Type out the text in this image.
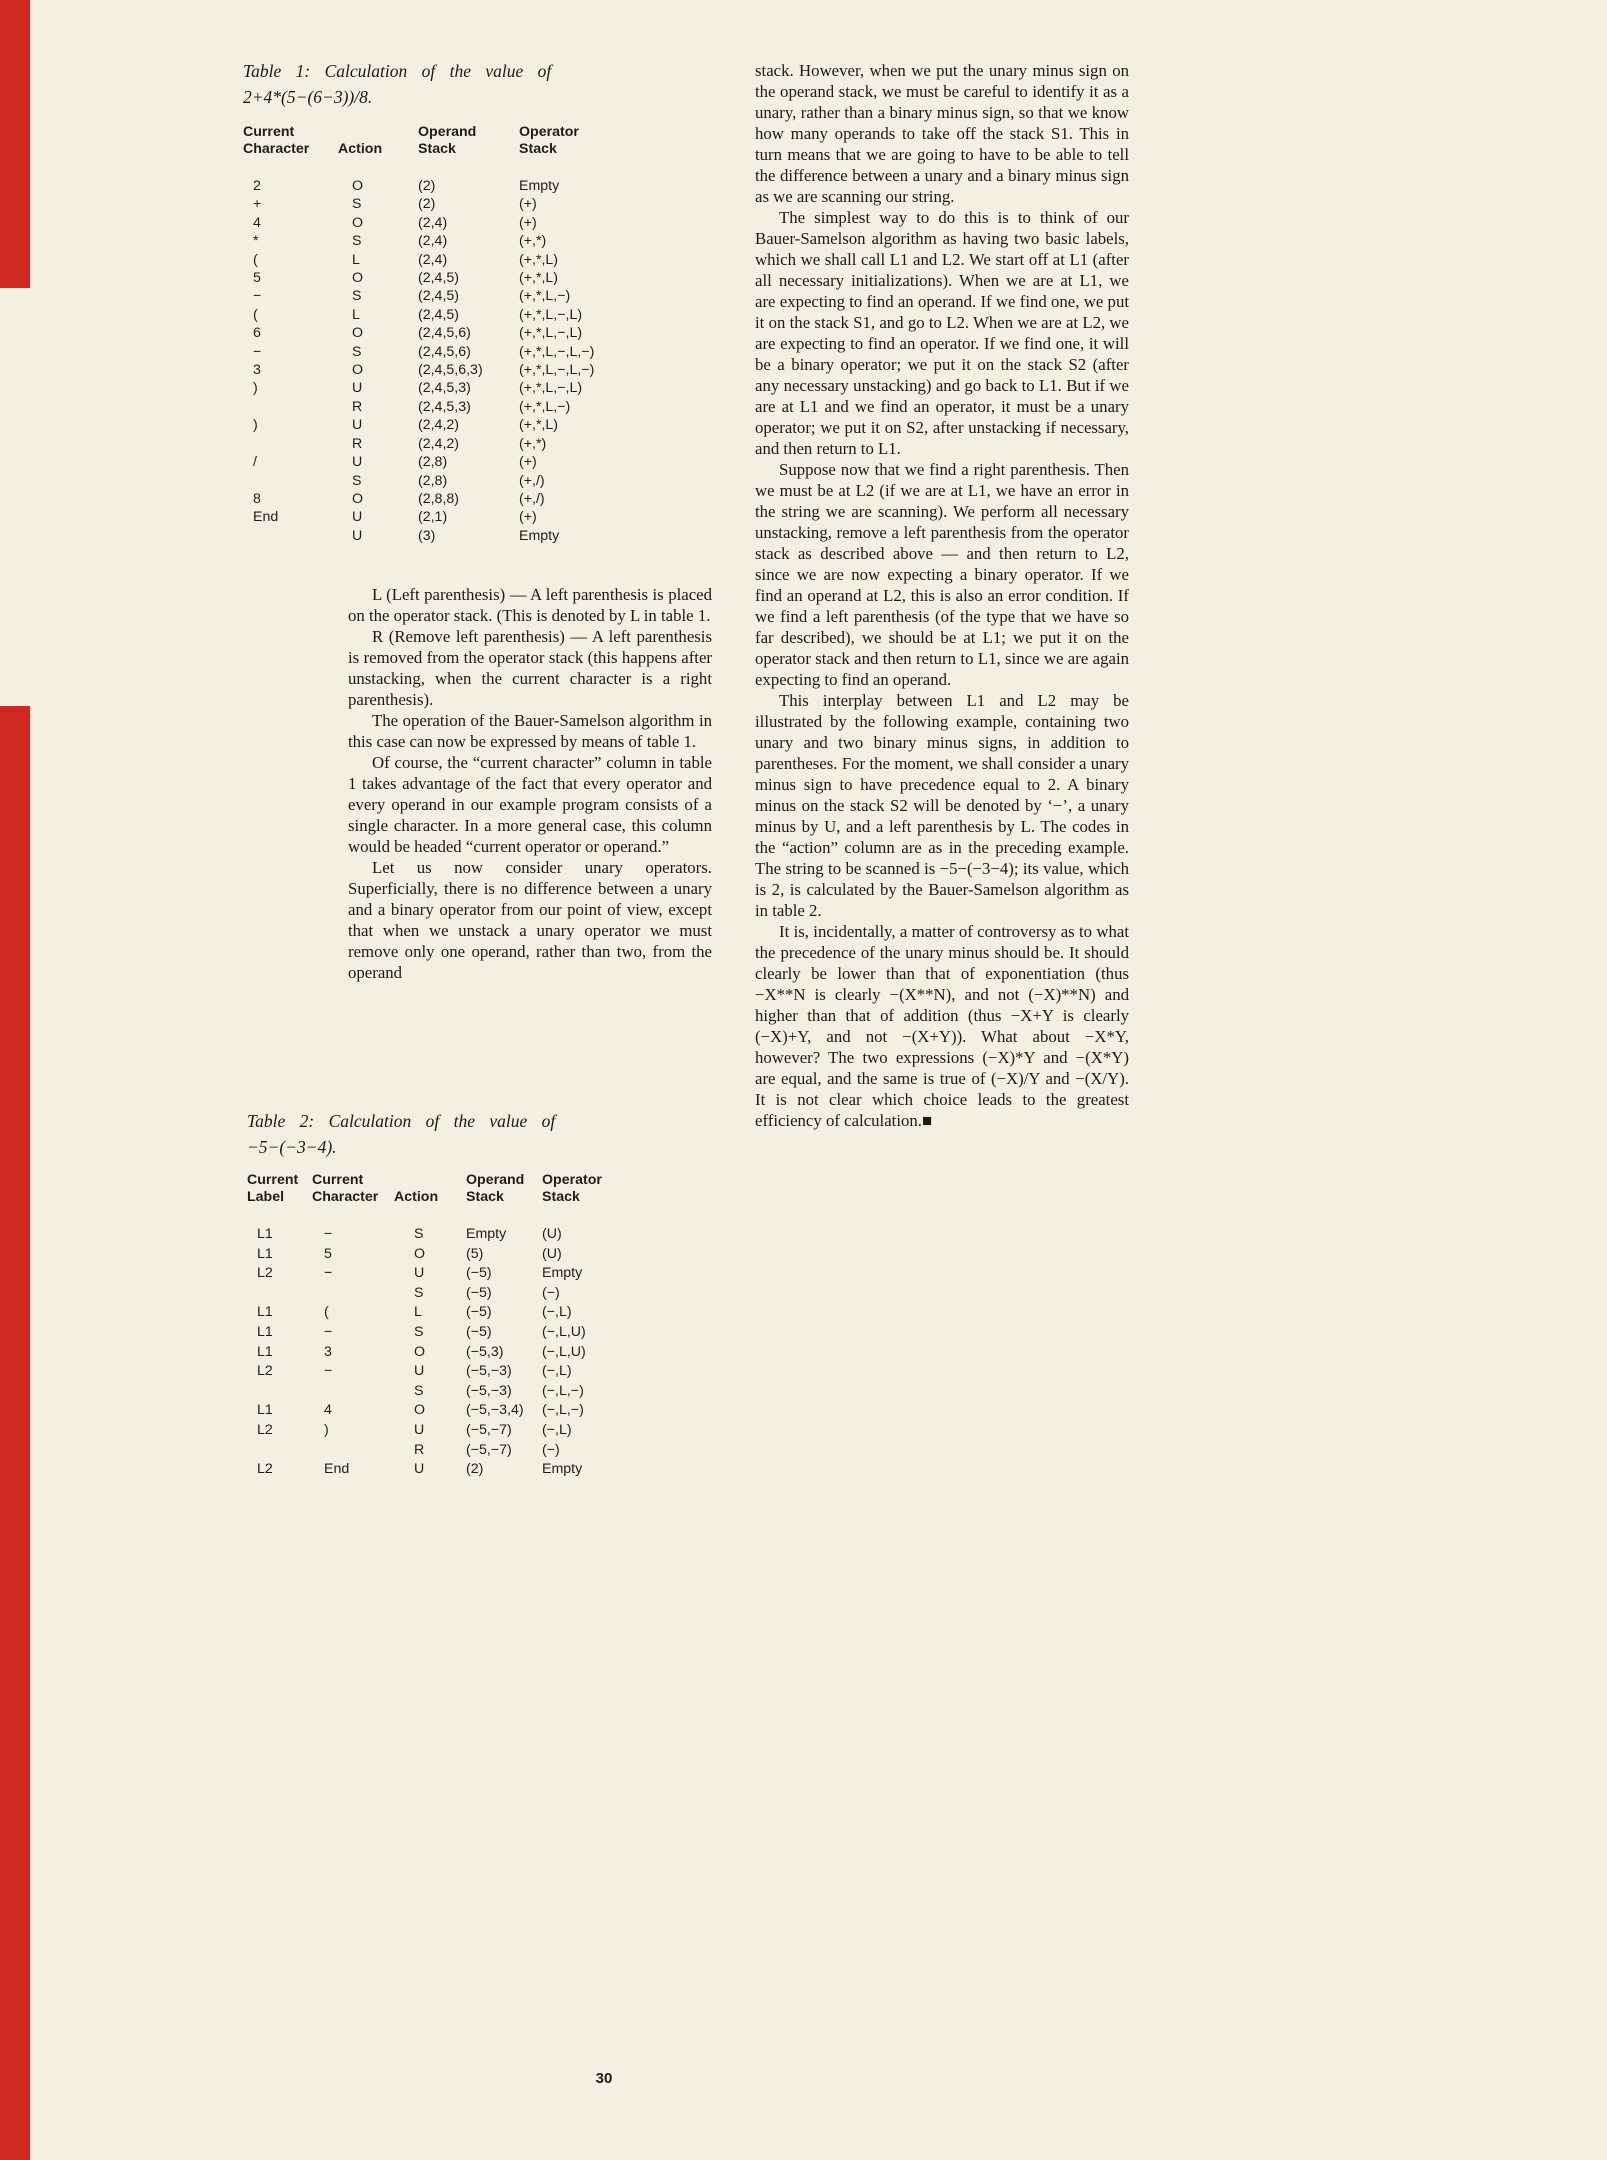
Table 1: Calculation of the value of
2+4*(5−(6−3))/8.
Current
Character	Action

Operand
Stack

Operator
Stack

2	O	(2)	Empty
+	S	(2)	(+)
4	O	(2,4)	(+)
*	S	(2,4)	(+,*)
(	L	(2,4)	(+,*,L)
5	O	(2,4,5)	(+,*,L)
−	S	(2,4,5)	(+,*,L,−)
(	L	(2,4,5)	(+,*,L,−,L)
6	O	(2,4,5,6)	(+,*,L,−,L)
−	S	(2,4,5,6)	(+,*,L,−,L,−)
3	O	(2,4,5,6,3)	(+,*,L,−,L,−)
)	U	(2,4,5,3)	(+,*,L,−,L)
	R	(2,4,5,3)	(+,*,L,−)
)	U	(2,4,2)	(+,*,L)
	R	(2,4,2)	(+,*)
/	U	(2,8)	(+)
	S	(2,8)	(+,/)
8	O	(2,8,8)	(+,/)
End	U	(2,1)	(+)
	U	(3)	Empty

L (Left parenthesis) — A left parenthesis is placed on the operator stack. (This is denoted by L in table 1.

R (Remove left parenthesis) — A left parenthesis is removed from the operator stack (this happens after unstacking, when the current character is a right parenthesis).

The operation of the Bauer-Samelson algorithm in this case can now be expressed by means of table 1.

Of course, the “current character” column in table 1 takes advantage of the fact that every operator and every operand in our example program consists of a single character. In a more general case, this column would be headed “current operator or operand.”

Let us now consider unary operators. Superficially, there is no difference between a unary and a binary operator from our point of view, except that when we unstack a unary operator we must remove only one operand, rather than two, from the operand

Table 2: Calculation of the value of
−5−(−3−4).
Current
Label

Current
Character	Action

Operand
Stack

Operator
Stack

L1	−	S	Empty	(U)
L1	5	O	(5)	(U)
L2	−	U	(−5)	Empty
		S	(−5)	(−)
L1	(	L	(−5)	(−,L)
L1	−	S	(−5)	(−,L,U)
L1	3	O	(−5,3)	(−,L,U)
L2	−	U	(−5,−3)	(−,L)
		S	(−5,−3)	(−,L,−)
L1	4	O	(−5,−3,4)	(−,L,−)
L2	)	U	(−5,−7)	(−,L)
		R	(−5,−7)	(−)
L2	End	U	(2)	Empty

stack. However, when we put the unary minus sign on the operand stack, we must be careful to identify it as a unary, rather than a binary minus sign, so that we know how many operands to take off the stack S1. This in turn means that we are going to have to be able to tell the difference between a unary and a binary minus sign as we are scanning our string.

The simplest way to do this is to think of our Bauer-Samelson algorithm as having two basic labels, which we shall call L1 and L2. We start off at L1 (after all necessary initializations). When we are at L1, we are expecting to find an operand. If we find one, we put it on the stack S1, and go to L2. When we are at L2, we are expecting to find an operator. If we find one, it will be a binary operator; we put it on the stack S2 (after any necessary unstacking) and go back to L1. But if we are at L1 and we find an operator, it must be a unary operator; we put it on S2, after unstacking if necessary, and then return to L1.

Suppose now that we find a right parenthesis. Then we must be at L2 (if we are at L1, we have an error in the string we are scanning). We perform all necessary unstacking, remove a left parenthesis from the operator stack as described above — and then return to L2, since we are now expecting a binary operator. If we find an operand at L2, this is also an error condition. If we find a left parenthesis (of the type that we have so far described), we should be at L1; we put it on the operator stack and then return to L1, since we are again expecting to find an operand.

This interplay between L1 and L2 may be illustrated by the following example, containing two unary and two binary minus signs, in addition to parentheses. For the moment, we shall consider a unary minus sign to have precedence equal to 2. A binary minus on the stack S2 will be denoted by ‘−’, a unary minus by U, and a left parenthesis by L. The codes in the “action” column are as in the preceding example. The string to be scanned is −5−(−3−4); its value, which is 2, is calculated by the Bauer-Samelson algorithm as in table 2.

It is, incidentally, a matter of controversy as to what the precedence of the unary minus should be. It should clearly be lower than that of exponentiation (thus −X**N is clearly −(X**N), and not (−X)**N) and higher than that of addition (thus −X+Y is clearly (−X)+Y, and not −(X+Y)). What about −X*Y, however? The two expressions (−X)*Y and −(X*Y) are equal, and the same is true of (−X)/Y and −(X/Y). It is not clear which choice leads to the greatest efficiency of calculation.■

30
